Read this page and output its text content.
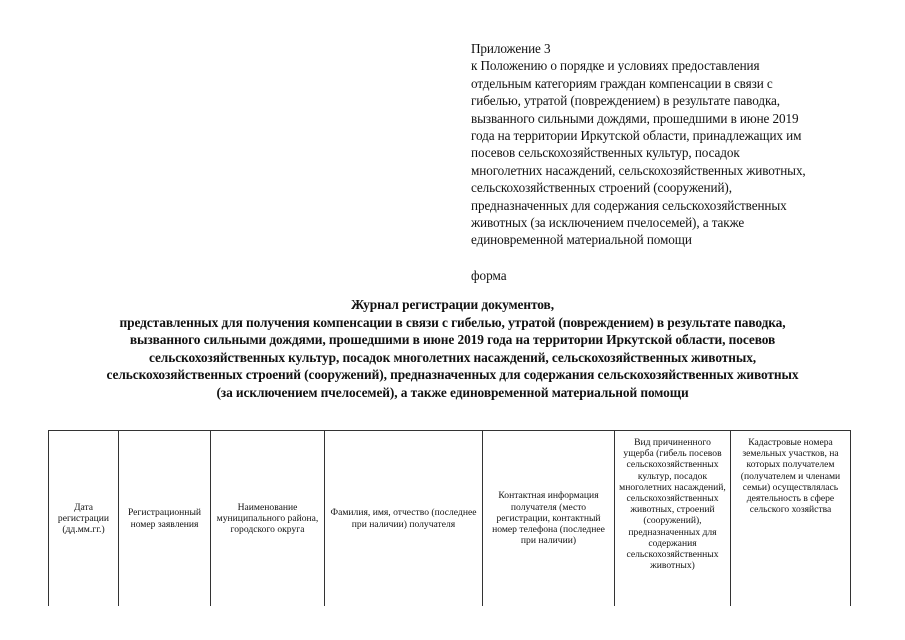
Приложение 3
к Положению о порядке и условиях предоставления
отдельным категориям граждан компенсации в связи с
гибелью, утратой (повреждением) в результате паводка,
вызванного сильными дождями, прошедшими в июне 2019
года на территории Иркутской области, принадлежащих им
посевов сельскохозяйственных культур, посадок
многолетних насаждений, сельскохозяйственных животных,
сельскохозяйственных строений (сооружений),
предназначенных для содержания сельскохозяйственных
животных (за исключением пчелосемей), а также
единовременной материальной помощи
форма
Журнал регистрации документов,
представленных для получения компенсации в связи с гибелью, утратой (повреждением) в результате паводка,
вызванного сильными дождями, прошедшими в июне 2019 года на территории Иркутской области, посевов
сельскохозяйственных культур, посадок многолетних насаждений, сельскохозяйственных животных,
сельскохозяйственных строений (сооружений), предназначенных для содержания сельскохозяйственных животных
(за исключением пчелосемей), а также единовременной материальной помощи
Дата регистрации (дд.мм.гг.)	Регистрационный номер заявления	Наименование муниципального района, городского округа	Фамилия, имя, отчество (последнее при наличии) получателя	Контактная информация получателя (место регистрации, контактный номер телефона (последнее при наличии)	Вид причиненного ущерба (гибель посевов сельскохозяйственных культур, посадок многолетних насаждений, сельскохозяйственных животных, строений (сооружений), предназначенных для содержания сельскохозяйственных животных)	Кадастровые номера земельных участков, на которых получателем (получателем и членами семьи) осуществлялась деятельность в сфере сельского хозяйства
